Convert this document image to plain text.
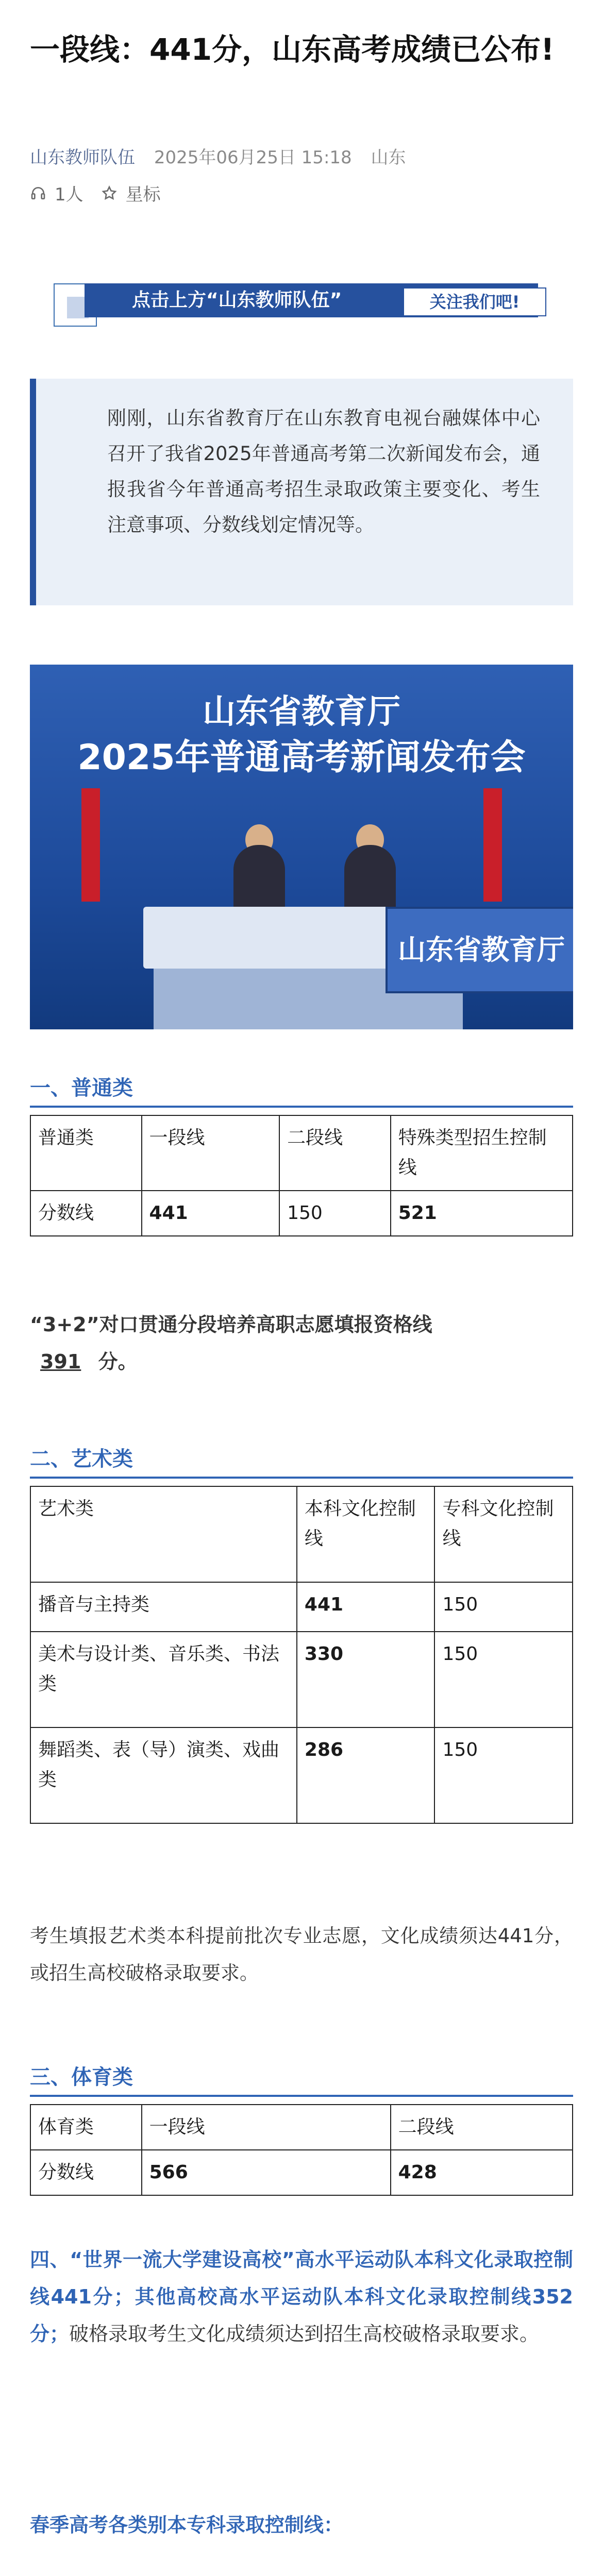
一段线：441分，山东高考成绩已公布!
山东教师队伍 2025年06月25日 15:18 山东
1人 星标
点击上方“山东教师队伍”	关注我们吧!

刚刚，山东省教育厅在山东教育电视台融媒体中心召开了我省2025年普通高考第二次新闻发布会，通报我省今年普通高考招生录取政策主要变化、考生注意事项、分数线划定情况等。

山东省教育厅
2025年普通高考新闻发布会
山东省教育厅
一、普通类
普通类	一段线	二段线	特殊类型招生控制线
分数线	441	150	521

“3+2”对口贯通分段培养高职志愿填报资格线
391 分。

二、艺术类
艺术类	本科文化控制线	专科文化控制线
播音与主持类	441	150
美术与设计类、音乐类、书法类	330	150
舞蹈类、表（导）演类、戏曲类	286	150

考生填报艺术类本科提前批次专业志愿，文化成绩须达441分，或招生高校破格录取要求。

三、体育类
体育类	一段线	二段线
分数线	566	428

四、“世界一流大学建设高校”高水平运动队本科文化录取控制线441分；其他高校高水平运动队本科文化录取控制线352分；破格录取考生文化成绩须达到招生高校破格录取要求。

春季高考各类别本专科录取控制线：
